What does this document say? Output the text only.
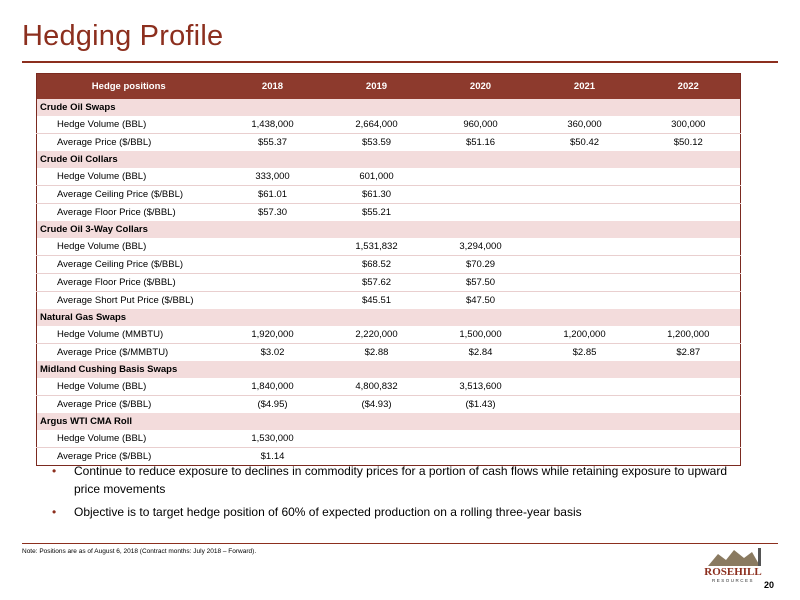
Hedging Profile
Hedge positions	2018	2019	2020	2021	2022
Crude Oil Swaps					
Hedge Volume (BBL)	1,438,000	2,664,000	960,000	360,000	300,000
Average Price ($/BBL)	$55.37	$53.59	$51.16	$50.42	$50.12
Crude Oil Collars					
Hedge Volume (BBL)	333,000	601,000			
Average Ceiling Price ($/BBL)	$61.01	$61.30			
Average Floor Price ($/BBL)	$57.30	$55.21			
Crude Oil 3-Way Collars					
Hedge Volume (BBL)		1,531,832	3,294,000		
Average Ceiling Price ($/BBL)		$68.52	$70.29		
Average Floor Price ($/BBL)		$57.62	$57.50		
Average Short Put Price ($/BBL)		$45.51	$47.50		
Natural Gas Swaps					
Hedge Volume (MMBTU)	1,920,000	2,220,000	1,500,000	1,200,000	1,200,000
Average Price ($/MMBTU)	$3.02	$2.88	$2.84	$2.85	$2.87
Midland Cushing Basis Swaps					
Hedge Volume (BBL)	1,840,000	4,800,832	3,513,600		
Average Price ($/BBL)	($4.95)	($4.93)	($1.43)		
Argus WTI CMA Roll					
Hedge Volume (BBL)	1,530,000				
Average Price ($/BBL)	$1.14				
• Continue to reduce exposure to declines in commodity prices for a portion of cash flows while retaining exposure to upward price movements
• Objective is to target hedge position of 60% of expected production on a rolling three-year basis
Note: Positions are as of August 6, 2018 (Contract months: July 2018 – Forward).
ROSEHILL
RESOURCES 20
